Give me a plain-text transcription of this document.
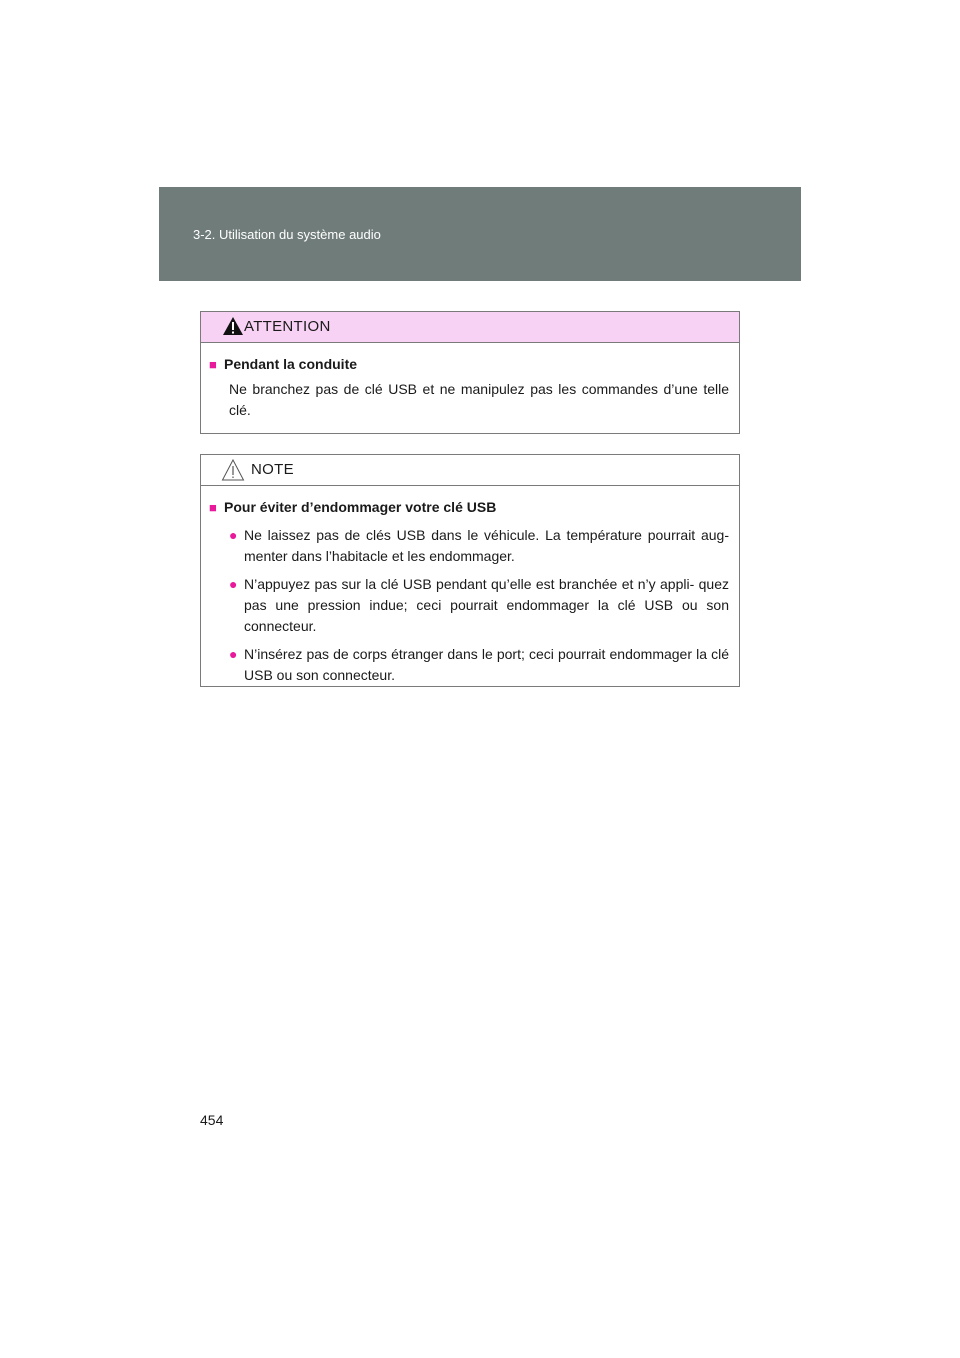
3-2. Utilisation du système audio
ATTENTION
■ Pendant la conduite
Ne branchez pas de clé USB et ne manipulez pas les commandes d’une telle clé.
NOTE
■ Pour éviter d’endommager votre clé USB
● Ne laissez pas de clés USB dans le véhicule. La température pourrait aug- menter dans l’habitacle et les endommager.
● N’appuyez pas sur la clé USB pendant qu’elle est branchée et n’y appli- quez pas une pression indue; ceci pourrait endommager la clé USB ou son connecteur.
● N’insérez pas de corps étranger dans le port; ceci pourrait endommager la clé USB ou son connecteur.
454
